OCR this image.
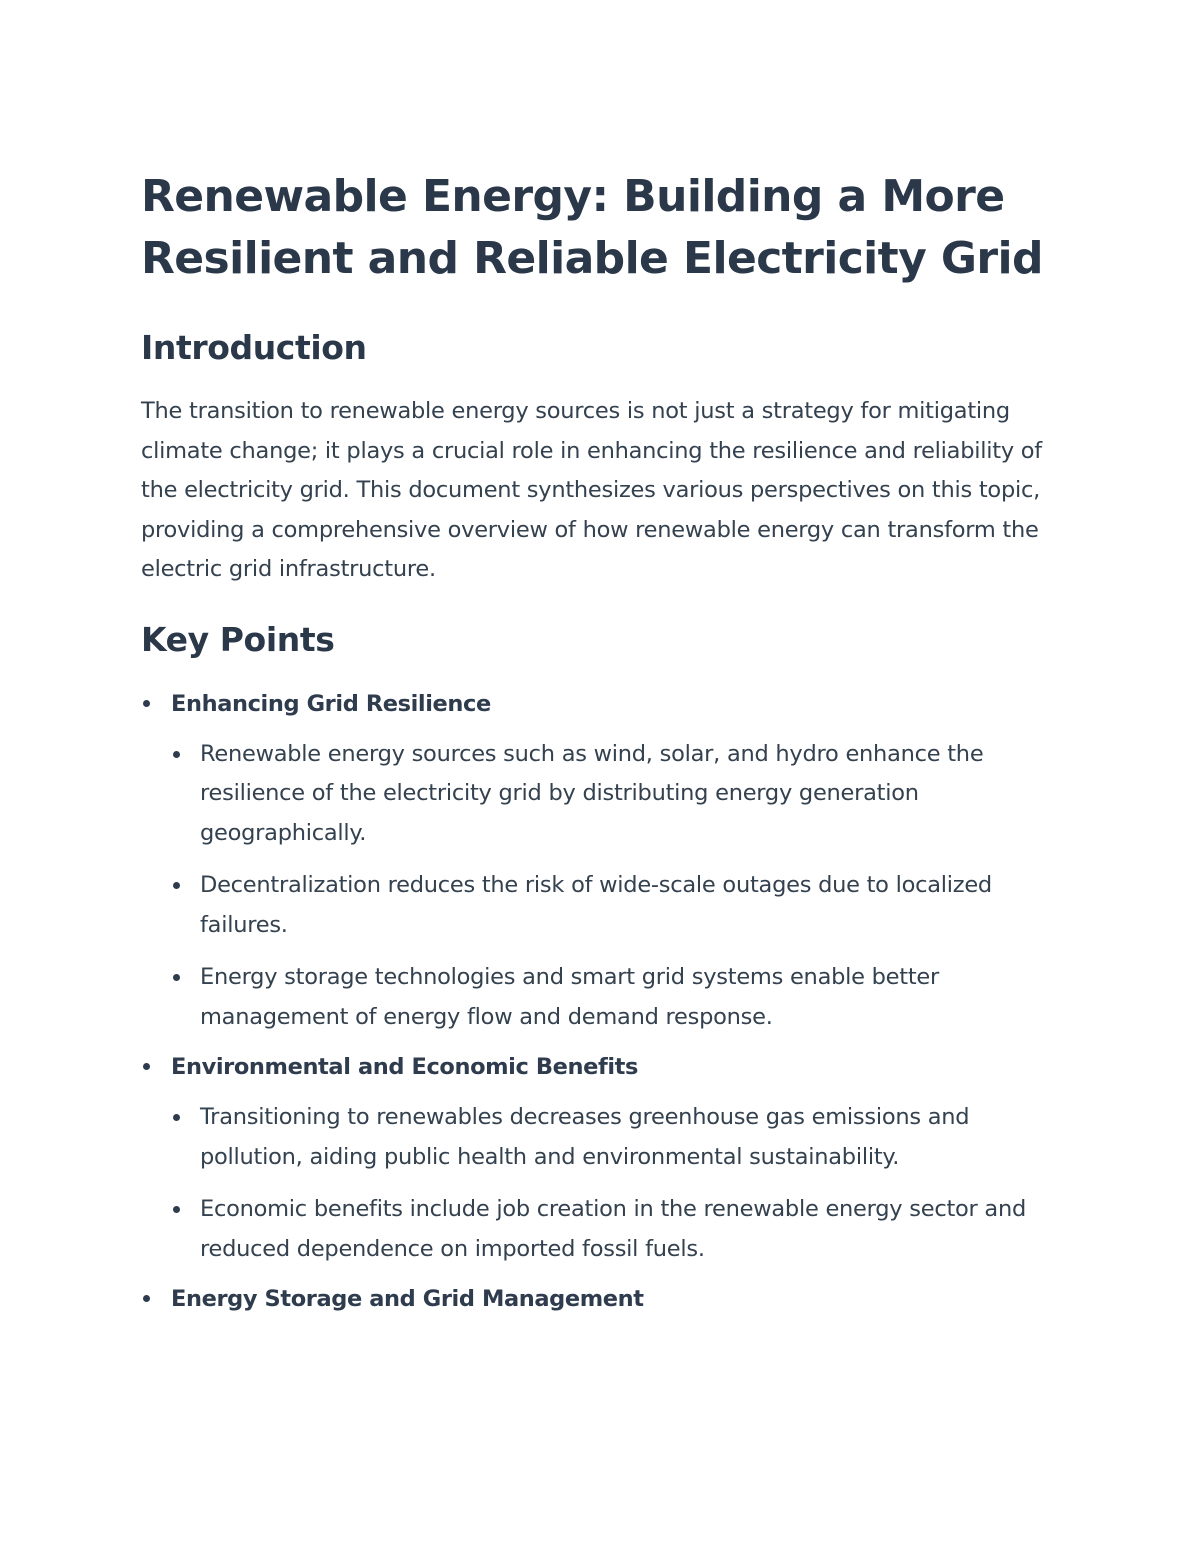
Renewable Energy: Building a More Resilient and Reliable Electricity Grid
Introduction

The transition to renewable energy sources is not just a strategy for mitigating climate change; it plays a crucial role in enhancing the resilience and reliability of the electricity grid. This document synthesizes various perspectives on this topic, providing a comprehensive overview of how renewable energy can transform the electric grid infrastructure.

Key Points
Enhancing Grid Resilience
Renewable energy sources such as wind, solar, and hydro enhance the resilience of the electricity grid by distributing energy generation geographically.
Decentralization reduces the risk of wide-scale outages due to localized failures.
Energy storage technologies and smart grid systems enable better management of energy flow and demand response.
Environmental and Economic Benefits
Transitioning to renewables decreases greenhouse gas emissions and pollution, aiding public health and environmental sustainability.
Economic benefits include job creation in the renewable energy sector and reduced dependence on imported fossil fuels.
Energy Storage and Grid Management
